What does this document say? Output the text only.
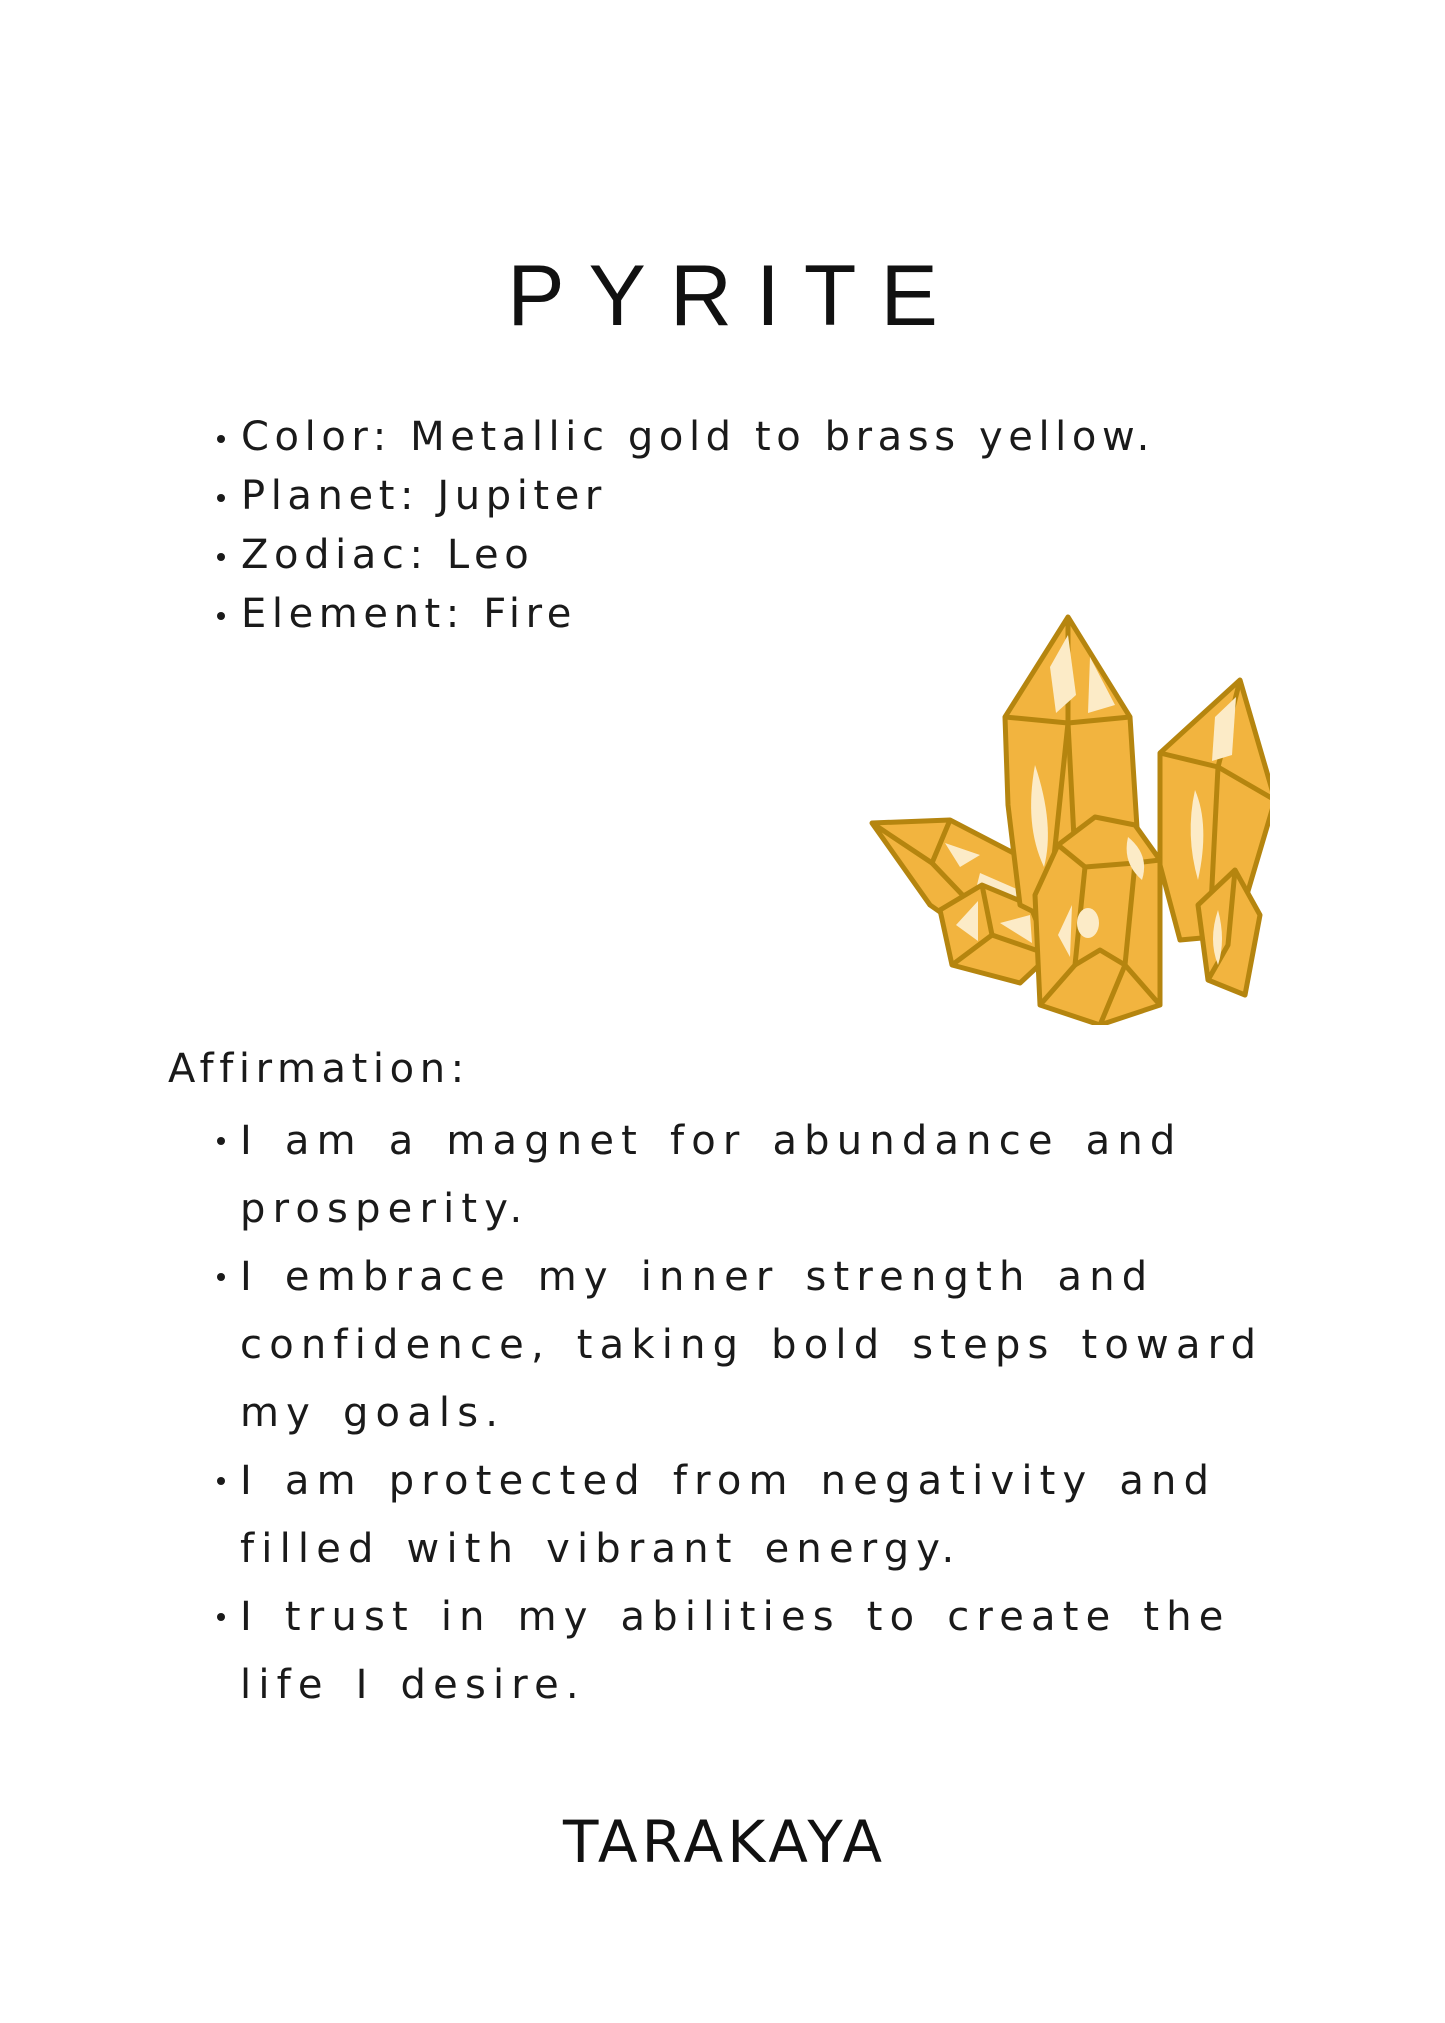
PYRITE
Color: Metallic gold to brass yellow.
Planet: Jupiter
Zodiac: Leo
Element: Fire
Affirmation:
I am a magnet for abundance and prosperity.
I embrace my inner strength and confidence, taking bold steps toward my goals.
I am protected from negativity and filled with vibrant energy.
I trust in my abilities to create the life I desire.
TARAKAYA
